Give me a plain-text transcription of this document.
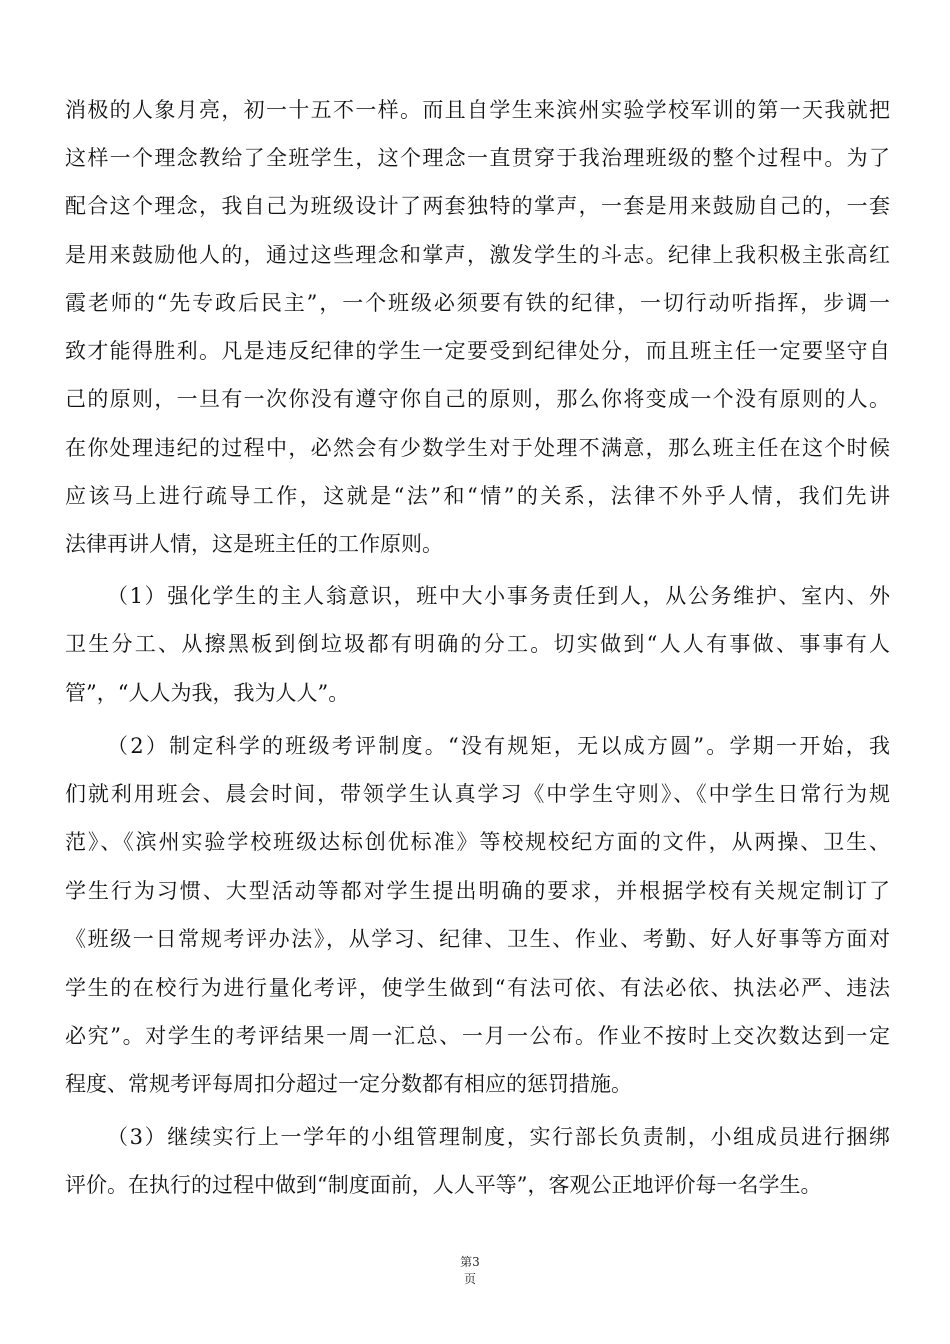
消极的人象月亮，初一十五不一样。而且自学生来滨州实验学校军训的第一天我就把
这样一个理念教给了全班学生，这个理念一直贯穿于我治理班级的整个过程中。为了
配合这个理念，我自己为班级设计了两套独特的掌声，一套是用来鼓励自己的，一套
是用来鼓励他人的，通过这些理念和掌声，激发学生的斗志。纪律上我积极主张高红
霞老师的“先专政后民主”，一个班级必须要有铁的纪律，一切行动听指挥，步调一
致才能得胜利。凡是违反纪律的学生一定要受到纪律处分，而且班主任一定要坚守自
己的原则，一旦有一次你没有遵守你自己的原则，那么你将变成一个没有原则的人。
在你处理违纪的过程中，必然会有少数学生对于处理不满意，那么班主任在这个时候
应该马上进行疏导工作，这就是“法”和“情”的关系，法律不外乎人情，我们先讲
法律再讲人情，这是班主任的工作原则。
（1）强化学生的主人翁意识，班中大小事务责任到人，从公务维护、室内、外
卫生分工、从擦黑板到倒垃圾都有明确的分工。切实做到“人人有事做、事事有人
管”，“人人为我，我为人人”。
（2）制定科学的班级考评制度。“没有规矩，无以成方圆”。学期一开始，我
们就利用班会、晨会时间，带领学生认真学习《中学生守则》、《中学生日常行为规
范》、《滨州实验学校班级达标创优标准》等校规校纪方面的文件，从两操、卫生、
学生行为习惯、大型活动等都对学生提出明确的要求，并根据学校有关规定制订了
《班级一日常规考评办法》，从学习、纪律、卫生、作业、考勤、好人好事等方面对
学生的在校行为进行量化考评，使学生做到“有法可依、有法必依、执法必严、违法
必究”。对学生的考评结果一周一汇总、一月一公布。作业不按时上交次数达到一定
程度、常规考评每周扣分超过一定分数都有相应的惩罚措施。
（3）继续实行上一学年的小组管理制度，实行部长负责制，小组成员进行捆绑
评价。在执行的过程中做到“制度面前，人人平等”，客观公正地评价每一名学生。
第3
页
